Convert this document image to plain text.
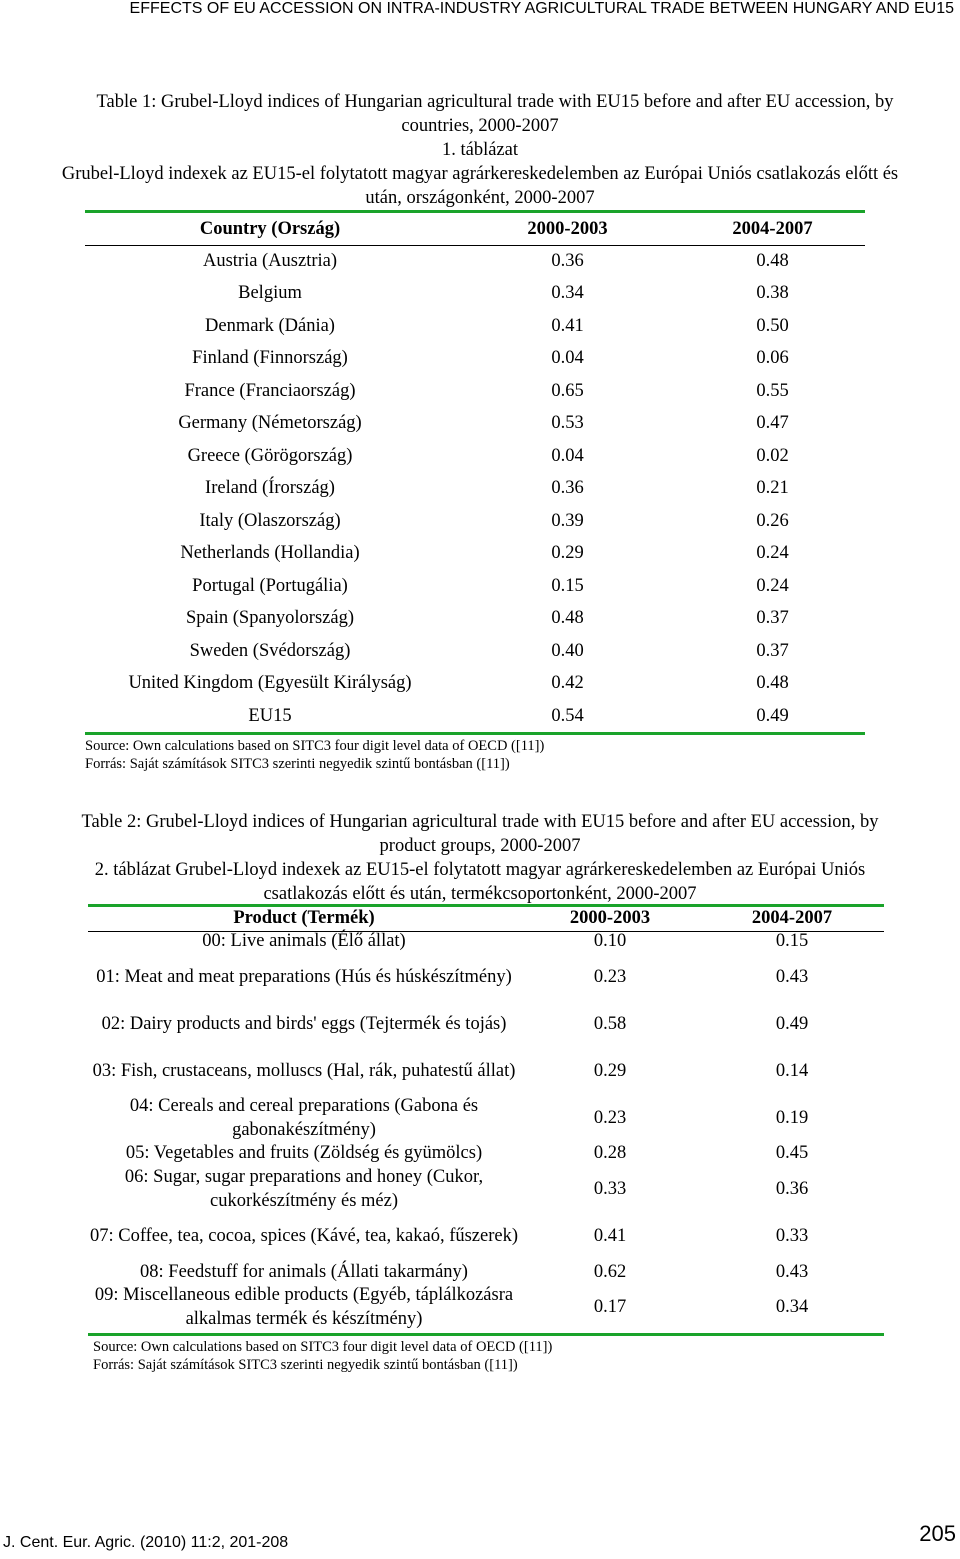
EFFECTS OF EU ACCESSION ON INTRA-INDUSTRY AGRICULTURAL TRADE BETWEEN HUNGARY AND EU15
Table 1: Grubel-Lloyd indices of Hungarian agricultural trade with EU15 before and after EU accession, by
countries, 2000-2007
1. táblázat
Grubel-Lloyd indexek az EU15-el folytatott magyar agrárkereskedelemben az Európai Uniós csatlakozás előtt és
után, országonként, 2000-2007
Country (Ország)	2000-2003	2004-2007
Austria (Ausztria)	0.36	0.48
Belgium	0.34	0.38
Denmark (Dánia)	0.41	0.50
Finland (Finnország)	0.04	0.06
France (Franciaország)	0.65	0.55
Germany (Németország)	0.53	0.47
Greece (Görögország)	0.04	0.02
Ireland (Írország)	0.36	0.21
Italy (Olaszország)	0.39	0.26
Netherlands (Hollandia)	0.29	0.24
Portugal (Portugália)	0.15	0.24
Spain (Spanyolország)	0.48	0.37
Sweden (Svédország)	0.40	0.37
United Kingdom (Egyesült Királyság)	0.42	0.48
EU15	0.54	0.49
Source: Own calculations based on SITC3 four digit level data of OECD ([11])
Forrás: Saját számítások SITC3 szerinti negyedik szintű bontásban ([11])
Table 2: Grubel-Lloyd indices of Hungarian agricultural trade with EU15 before and after EU accession, by
product groups, 2000-2007
2. táblázat Grubel-Lloyd indexek az EU15-el folytatott magyar agrárkereskedelemben az Európai Uniós
csatlakozás előtt és után, termékcsoportonként, 2000-2007
Product (Termék)	2000-2003	2004-2007
00: Live animals (Élő állat)	0.10	0.15
01: Meat and meat preparations (Hús és húskészítmény)	0.23	0.43
02: Dairy products and birds' eggs (Tejtermék és tojás)	0.58	0.49
03: Fish, crustaceans, molluscs (Hal, rák, puhatestű állat)	0.29	0.14
04: Cereals and cereal preparations (Gabona és gabonakészítmény)	0.23	0.19
05: Vegetables and fruits (Zöldség és gyümölcs)	0.28	0.45
06: Sugar, sugar preparations and honey (Cukor, cukorkészítmény és méz)	0.33	0.36
07: Coffee, tea, cocoa, spices (Kávé, tea, kakaó, fűszerek)	0.41	0.33
08: Feedstuff for animals (Állati takarmány)	0.62	0.43
09: Miscellaneous edible products (Egyéb, táplálkozásra alkalmas termék és készítmény)	0.17	0.34
Source: Own calculations based on SITC3 four digit level data of OECD ([11])
Forrás: Saját számítások SITC3 szerinti negyedik szintű bontásban ([11])
J. Cent. Eur. Agric. (2010) 11:2, 201-208	205
